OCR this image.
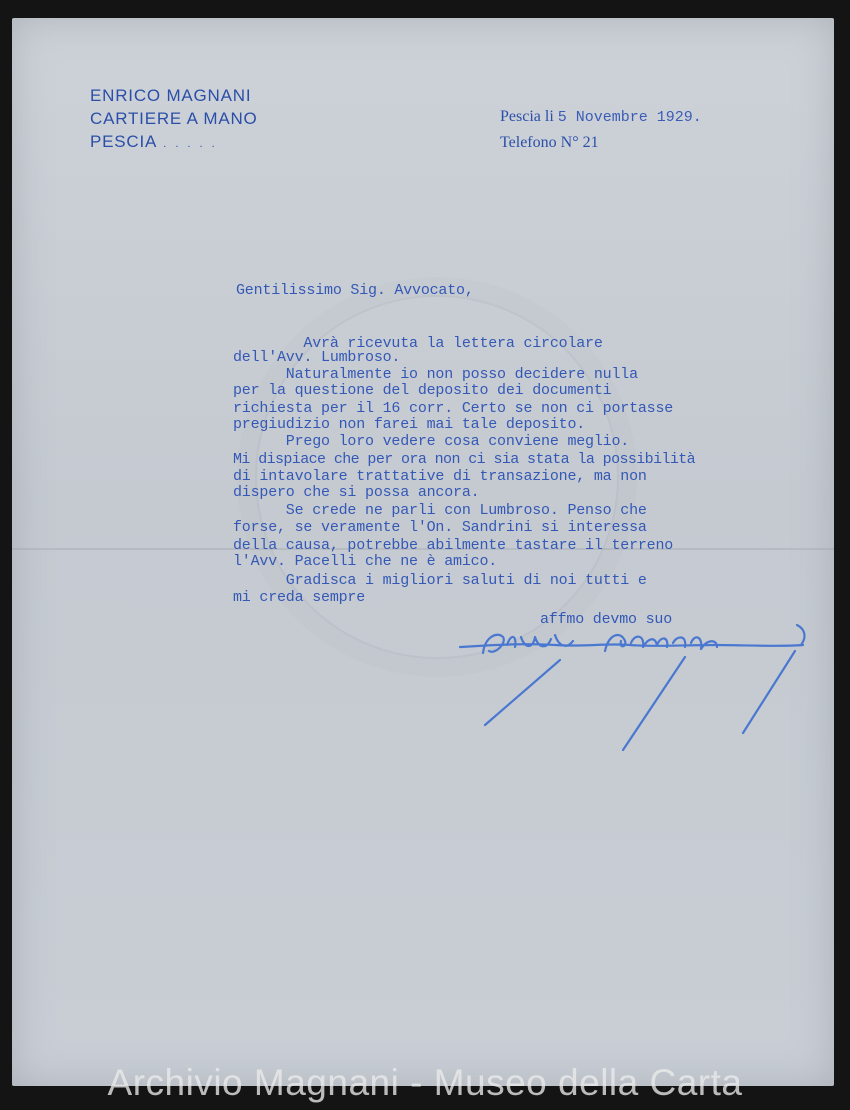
ENRICO MAGNANI
CARTIERE A MANO
PESCIA . . . . .
Pescia li 5 Novembre 1929.
Telefono N° 21
Gentilissimo Sig. Avvocato,
Avrà ricevuta la lettera circolare
dell'Avv. Lumbroso.
Naturalmente io non posso decidere nulla
per la questione del deposito dei documenti
richiesta per il 16 corr. Certo se non ci portasse
pregiudizio non farei mai tale deposito.
Prego loro vedere cosa conviene meglio.
Mi dispiace che per ora non ci sia stata la possibilità
di intavolare trattative di transazione, ma non
dispero che si possa ancora.
Se crede ne parli con Lumbroso. Penso che
forse, se veramente l'On. Sandrini si interessa
della causa, potrebbe abilmente tastare il terreno
l'Avv. Pacelli che ne è amico.
Gradisca i migliori saluti di noi tutti e
mi creda sempre
affmo devmo suo
Archivio Magnani - Museo della Carta
